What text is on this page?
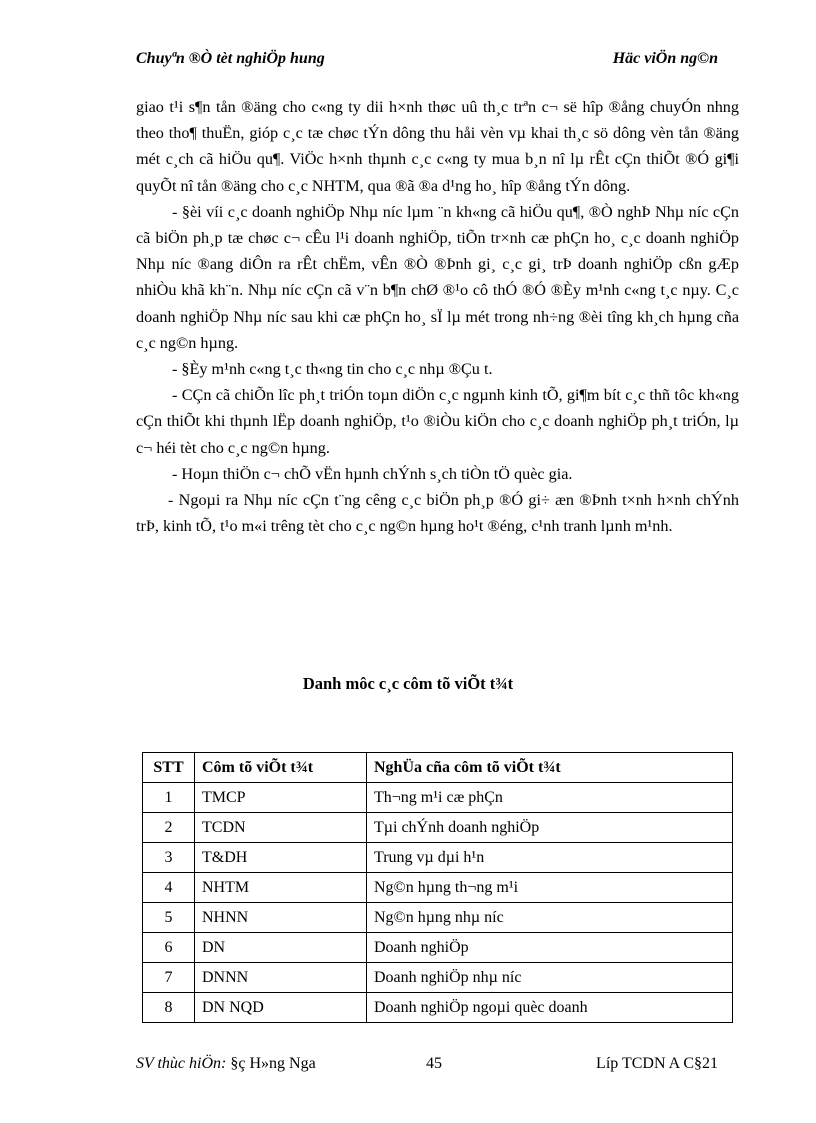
Chuyªn ®Ò tèt nghiÖp hung	Häc viÖn ng©n

giao t¹i s¶n tån ®äng cho c«ng ty dii h×nh thøc uû th¸c trªn c¬ së hîp ®ång chuyÓn nhng theo tho¶ thuËn, gióp c¸c tæ chøc tÝn dông thu håi vèn vµ khai th¸c sö dông vèn tån ®äng mét c¸ch cã hiÖu qu¶. ViÖc h×nh thµnh c¸c c«ng ty mua b¸n nî lµ rÊt cÇn thiÕt ®Ó gi¶i quyÕt nî tån ®äng cho c¸c NHTM, qua ®ã ®a d¹ng ho¸ hîp ®ång tÝn dông.

- §èi víi c¸c doanh nghiÖp Nhµ níc lµm ¨n kh«ng cã hiÖu qu¶, ®Ò nghÞ Nhµ níc cÇn cã biÖn ph¸p tæ chøc c¬ cÊu l¹i doanh nghiÖp, tiÕn tr×nh cæ phÇn ho¸ c¸c doanh nghiÖp Nhµ níc ®ang diÔn ra rÊt chËm, vÊn ®Ò ®Þnh gi¸ c¸c gi¸ trÞ doanh nghiÖp cßn gÆp nhiÒu khã kh¨n. Nhµ níc cÇn cã v¨n b¶n chØ ®¹o cô thÓ ®Ó ®Èy m¹nh c«ng t¸c nµy. C¸c doanh nghiÖp Nhµ níc sau khi cæ phÇn ho¸ sÏ lµ mét trong nh÷ng ®èi tîng kh¸ch hµng cña c¸c ng©n hµng.

- §Èy m¹nh c«ng t¸c th«ng tin cho c¸c nhµ ®Çu t.

- CÇn cã chiÕn lîc ph¸t triÓn toµn diÖn c¸c ngµnh kinh tÕ, gi¶m bít c¸c thñ tôc kh«ng cÇn thiÕt khi thµnh lËp doanh nghiÖp, t¹o ®iÒu kiÖn cho c¸c doanh nghiÖp ph¸t triÓn, lµ c¬ héi tèt cho c¸c ng©n hµng.

- Hoµn thiÖn c¬ chÕ vËn hµnh chÝnh s¸ch tiÒn tÖ quèc gia.

- Ngoµi ra Nhµ níc cÇn t¨ng cêng c¸c biÖn ph¸p ®Ó gi÷ æn ®Þnh t×nh h×nh chÝnh trÞ, kinh tÕ, t¹o m«i trêng tèt cho c¸c ng©n hµng ho¹t ®éng, c¹nh tranh lµnh m¹nh.

Danh môc c¸c côm tõ viÕt t¾t
STT	Côm tõ viÕt t¾t	NghÜa cña côm tõ viÕt t¾t
1	TMCP	Th¬ng m¹i cæ phÇn
2	TCDN	Tµi chÝnh doanh nghiÖp
3	T&DH	Trung vµ dµi h¹n
4	NHTM	Ng©n hµng th¬ng m¹i
5	NHNN	Ng©n hµng nhµ níc
6	DN	Doanh nghiÖp
7	DNNN	Doanh nghiÖp nhµ níc
8	DN NQD	Doanh nghiÖp ngoµi quèc doanh
SV thùc hiÖn: §ç H»ng Nga	45	Líp TCDN A C§21
